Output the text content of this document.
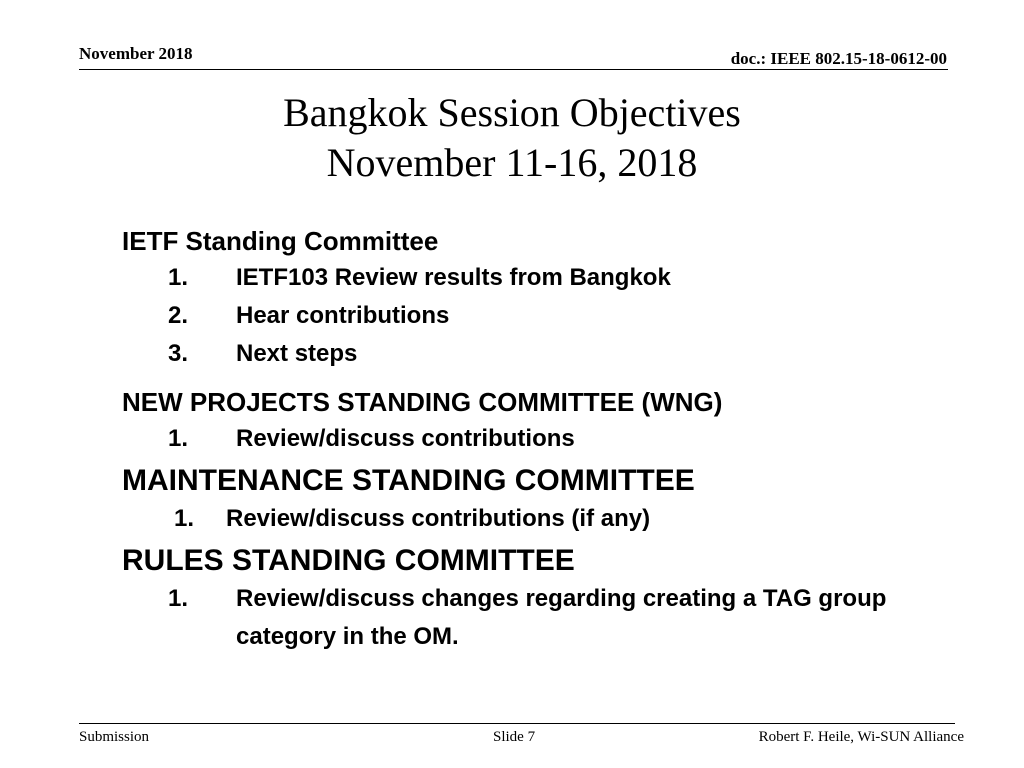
November 2018	doc.: IEEE 802.15-18-0612-00
Bangkok Session Objectives
November 11-16, 2018
IETF Standing Committee
1. IETF103 Review results from Bangkok
2. Hear contributions
3. Next steps
NEW PROJECTS STANDING COMMITTEE (WNG)
1. Review/discuss contributions
MAINTENANCE STANDING COMMITTEE
1. Review/discuss contributions (if any)
RULES STANDING COMMITTEE
1. Review/discuss changes regarding creating a TAG group category in the OM.
Submission	Slide 7	Robert F. Heile, Wi-SUN Alliance
